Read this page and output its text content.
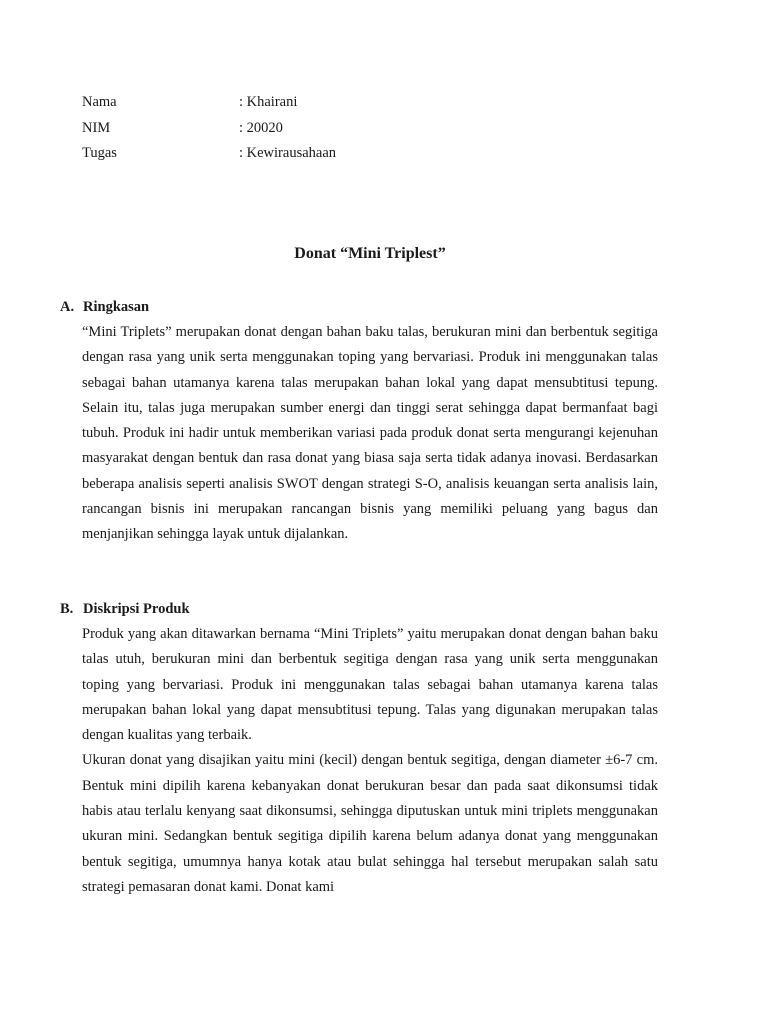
Nama	: Khairani
NIM	: 20020
Tugas	: Kewirausahaan
Donat “Mini Triplest”
A. Ringkasan

“Mini Triplets” merupakan donat dengan bahan baku talas, berukuran mini dan berbentuk segitiga dengan rasa yang unik serta menggunakan toping yang bervariasi. Produk ini menggunakan talas sebagai bahan utamanya karena talas merupakan bahan lokal yang dapat mensubtitusi tepung. Selain itu, talas juga merupakan sumber energi dan tinggi serat sehingga dapat bermanfaat bagi tubuh. Produk ini hadir untuk memberikan variasi pada produk donat serta mengurangi kejenuhan masyarakat dengan bentuk dan rasa donat yang biasa saja serta tidak adanya inovasi. Berdasarkan beberapa analisis seperti analisis SWOT dengan strategi S-O, analisis keuangan serta analisis lain, rancangan bisnis ini merupakan rancangan bisnis yang memiliki peluang yang bagus dan menjanjikan sehingga layak untuk dijalankan.

B. Diskripsi Produk

Produk yang akan ditawarkan bernama “Mini Triplets” yaitu merupakan donat dengan bahan baku talas utuh, berukuran mini dan berbentuk segitiga dengan rasa yang unik serta menggunakan toping yang bervariasi. Produk ini menggunakan talas sebagai bahan utamanya karena talas merupakan bahan lokal yang dapat mensubtitusi tepung. Talas yang digunakan merupakan talas dengan kualitas yang terbaik.

Ukuran donat yang disajikan yaitu mini (kecil) dengan bentuk segitiga, dengan diameter ±6-7 cm. Bentuk mini dipilih karena kebanyakan donat berukuran besar dan pada saat dikonsumsi tidak habis atau terlalu kenyang saat dikonsumsi, sehingga diputuskan untuk mini triplets menggunakan ukuran mini. Sedangkan bentuk segitiga dipilih karena belum adanya donat yang menggunakan bentuk segitiga, umumnya hanya kotak atau bulat sehingga hal tersebut merupakan salah satu strategi pemasaran donat kami. Donat kami
